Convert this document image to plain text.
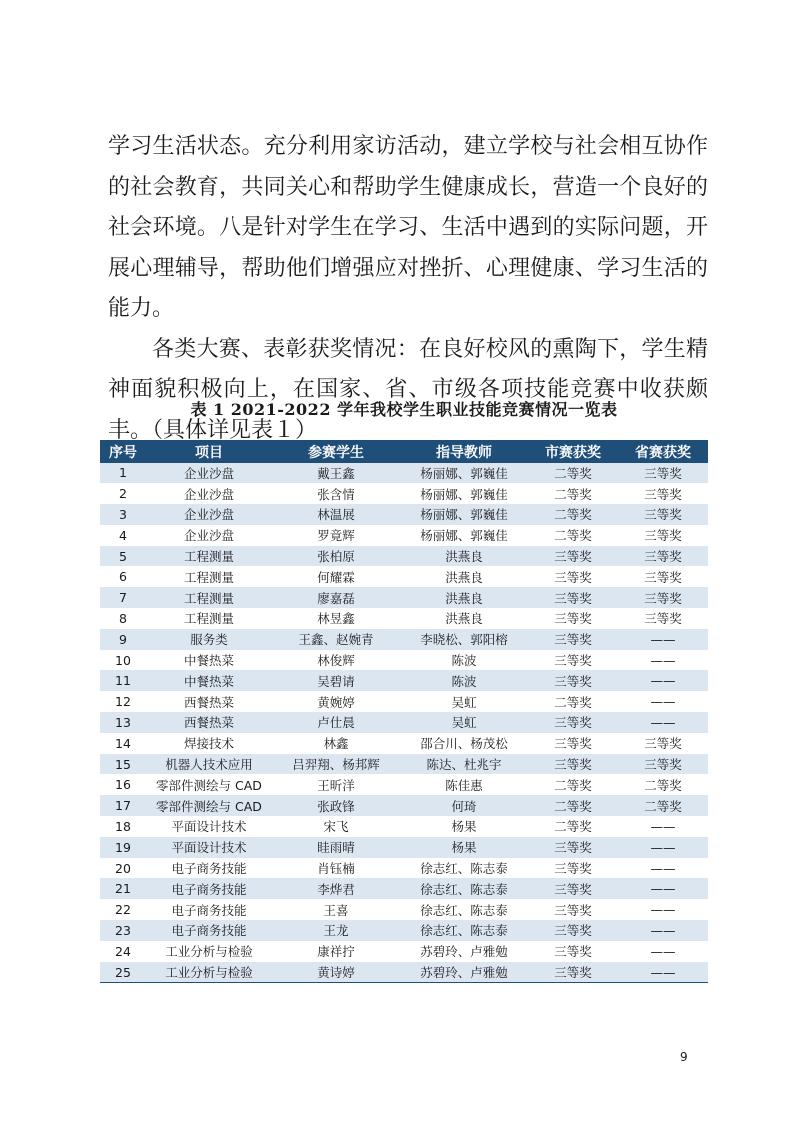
学习生活状态。充分利用家访活动，建立学校与社会相互协作的社会教育，共同关心和帮助学生健康成长，营造一个良好的社会环境。八是针对学生在学习、生活中遇到的实际问题，开展心理辅导，帮助他们增强应对挫折、心理健康、学习生活的能力。

各类大赛、表彰获奖情况：在良好校风的熏陶下，学生精神面貌积极向上，在国家、省、市级各项技能竞赛中收获颇丰。（具体详见表１）

表 1 2021-2022 学年我校学生职业技能竞赛情况一览表
序号	项目	参赛学生	指导教师	市赛获奖	省赛获奖
1	企业沙盘	戴王鑫	杨丽娜、郭巍佳	二等奖	三等奖
2	企业沙盘	张含情	杨丽娜、郭巍佳	二等奖	三等奖
3	企业沙盘	林温展	杨丽娜、郭巍佳	二等奖	三等奖
4	企业沙盘	罗竟辉	杨丽娜、郭巍佳	二等奖	三等奖
5	工程测量	张柏原	洪燕良	三等奖	三等奖
6	工程测量	何耀霖	洪燕良	三等奖	三等奖
7	工程测量	廖嘉磊	洪燕良	三等奖	三等奖
8	工程测量	林昱鑫	洪燕良	三等奖	三等奖
9	服务类	王鑫、赵婉青	李晓松、郭阳榕	三等奖	——
10	中餐热菜	林俊辉	陈波	三等奖	——
11	中餐热菜	吴碧请	陈波	三等奖	——
12	西餐热菜	黄婉婷	吴虹	二等奖	——
13	西餐热菜	卢仕晨	吴虹	三等奖	——
14	焊接技术	林鑫	邵合川、杨茂松	三等奖	三等奖
15	机器人技术应用	吕羿翔、杨邦辉	陈达、杜兆宇	三等奖	三等奖
16	零部件测绘与 CAD	王昕洋	陈佳惠	二等奖	二等奖
17	零部件测绘与 CAD	张政锋	何琦	二等奖	二等奖
18	平面设计技术	宋飞	杨果	二等奖	——
19	平面设计技术	眭雨晴	杨果	三等奖	——
20	电子商务技能	肖钰楠	徐志红、陈志泰	三等奖	——
21	电子商务技能	李烨君	徐志红、陈志泰	三等奖	——
22	电子商务技能	王喜	徐志红、陈志泰	三等奖	——
23	电子商务技能	王龙	徐志红、陈志泰	三等奖	——
24	工业分析与检验	康祥拧	苏碧玲、卢雅勉	三等奖	——
25	工业分析与检验	黄诗婷	苏碧玲、卢雅勉	三等奖	——
9
